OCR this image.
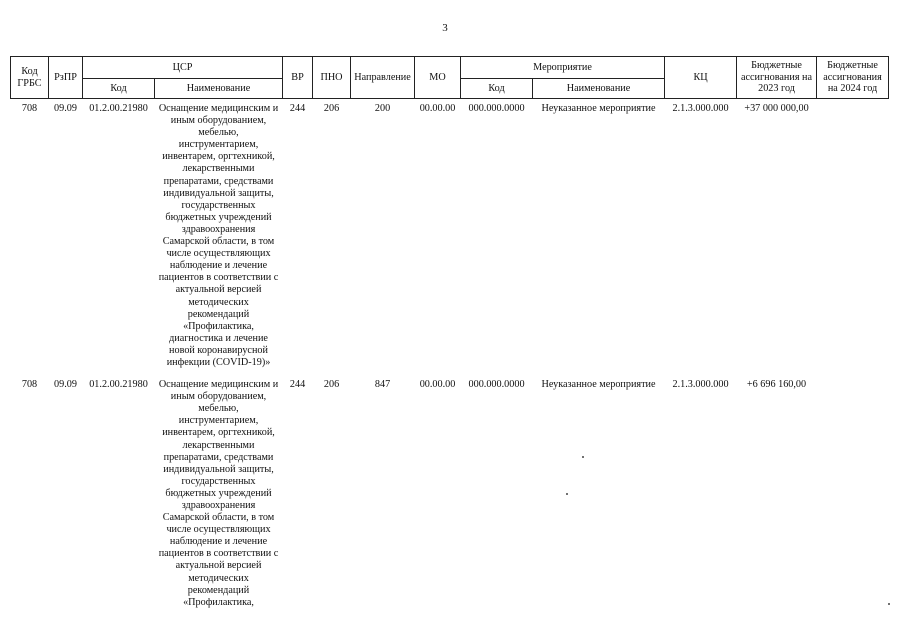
3
Код ГРБС	РзПР	ЦСР		ВР	ПНО	Направление	МО	Мероприятие		КЦ	Бюджетные ассигнования на 2023 год	Бюджетные ассигнования на 2024 год
		Код	Наименование					Код	Наименование			
708	09.09	01.2.00.21980	Оснащение медицинским и иным оборудованием, мебелью, инструментарием, инвентарем, оргтехникой, лекарственными препаратами, средствами индивидуальной защиты, государственных бюджетных учреждений здравоохранения Самарской области, в том числе осуществляющих наблюдение и лечение пациентов в соответствии с актуальной версией методических рекомендаций «Профилактика, диагностика и лечение новой коронавирусной инфекции (COVID-19)»	244	206	200	00.00.00	000.000.0000	Неуказанное мероприятие	2.1.3.000.000	+37 000 000,00	
708	09.09	01.2.00.21980	Оснащение медицинским и иным оборудованием, мебелью, инструментарием, инвентарем, оргтехникой, лекарственными препаратами, средствами индивидуальной защиты, государственных бюджетных учреждений здравоохранения Самарской области, в том числе осуществляющих наблюдение и лечение пациентов в соответствии с актуальной версией методических рекомендаций «Профилактика,	244	206	847	00.00.00	000.000.0000	Неуказанное мероприятие	2.1.3.000.000	+6 696 160,00	
